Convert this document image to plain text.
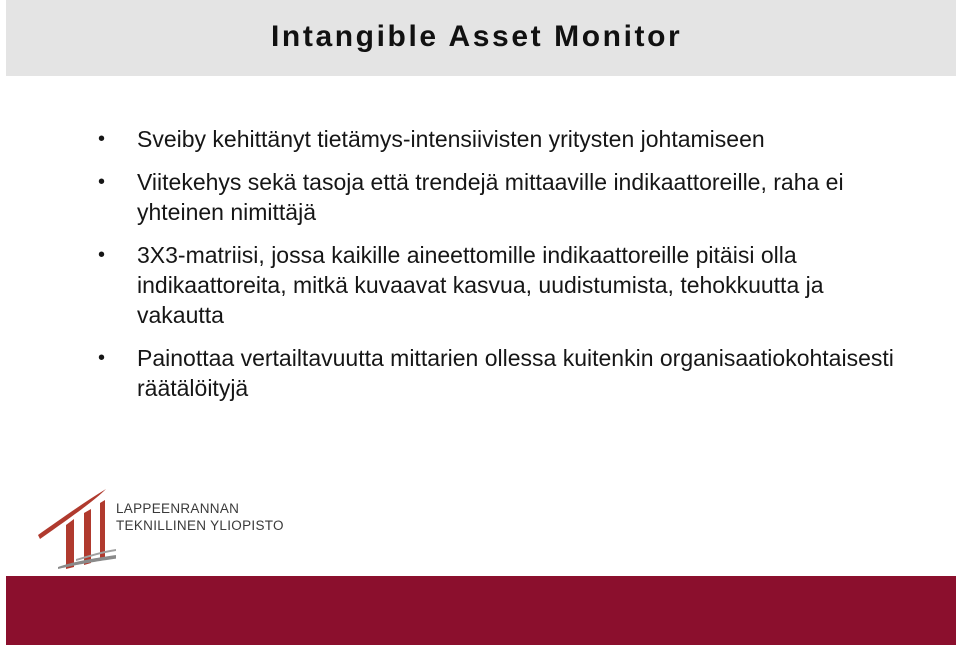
Intangible Asset Monitor
• Sveiby kehittänyt tietämys-intensiivisten yritysten johtamiseen
• Viitekehys sekä tasoja että trendejä mittaaville indikaattoreille, raha ei yhteinen nimittäjä
• 3X3-matriisi, jossa kaikille aineettomille indikaattoreille pitäisi olla indikaattoreita, mitkä kuvaavat kasvua, uudistumista, tehokkuutta ja vakautta
• Painottaa vertailtavuutta mittarien ollessa kuitenkin organisaatiokohtaisesti räätälöityjä
LAPPEENRANNAN
TEKNILLINEN YLIOPISTO
